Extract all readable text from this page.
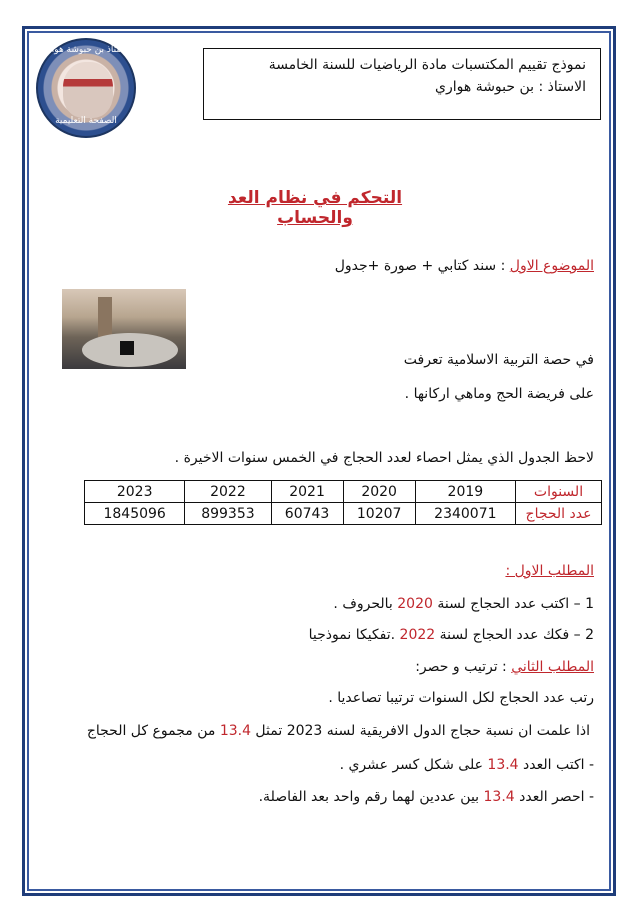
الاستاذ بن حبوشة هواري
الصفحة التعليمية
نموذج تقييم المكتسبات مادة الرياضيات للسنة الخامسة
الاستاذ : بن حبوشة هواري
التحكم في نظام العد والحساب
الموضوع الاول : سند كتابي + صورة +جدول
في حصة التربية الاسلامية تعرفت
على فريضة الحج وماهي اركانها .
لاحظ الجدول الذي يمثل احصاء لعدد الحجاج في الخمس سنوات الاخيرة .
السنوات	2019	2020	2021	2022	2023
عدد الحجاج	2340071	10207	60743	899353	1845096
المطلب الاول :
1 – اكتب عدد الحجاج لسنة 2020 بالحروف .
2 – فكك عدد الحجاج لسنة 2022 .تفكيكا نموذجيا
المطلب الثاني : ترتيب و حصر:
رتب عدد الحجاج لكل السنوات ترتيبا تصاعديا .
اذا علمت ان نسبة حجاج الدول الافريقية لسنه 2023 تمثل 13.4 من مجموع كل الحجاج
- اكتب العدد 13.4 على شكل كسر عشري .
- احصر العدد 13.4 بين عددين لهما رقم واحد بعد الفاصلة.
